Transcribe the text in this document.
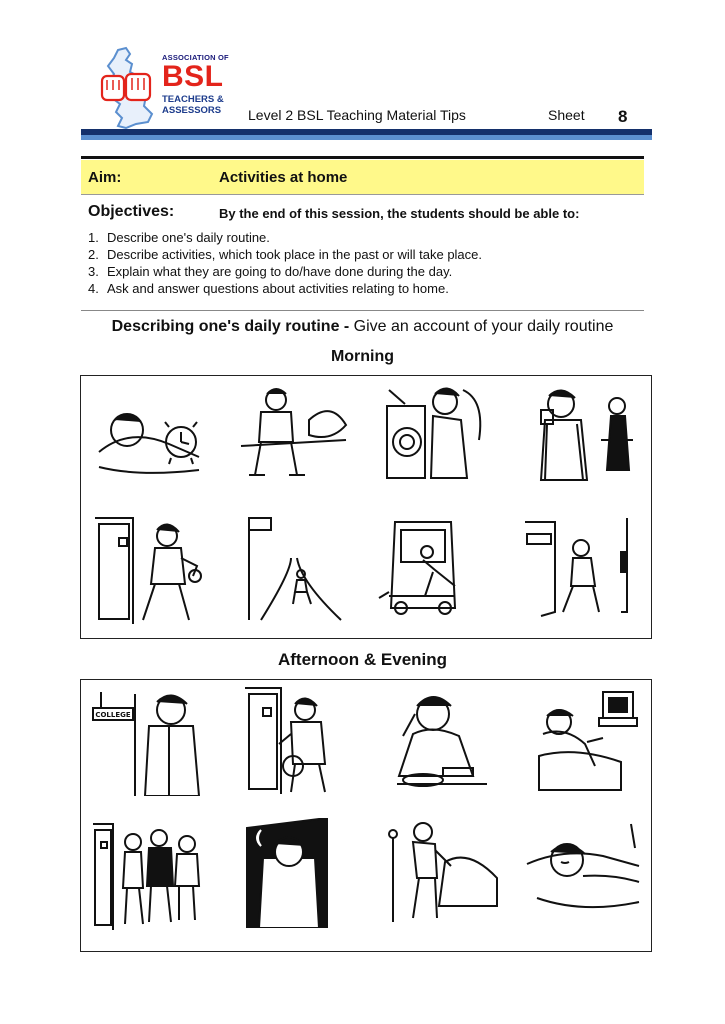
ASSOCIATION OF
BSL
TEACHERS &
ASSESSORS Level 2 BSL Teaching Material Tips	Sheet 8
Aim:	Activities at home
Objectives:	By the end of this session, the students should be able to:
1. Describe one's daily routine.
2. Describe activities, which took place in the past or will take place.
3. Explain what they are going to do/have done during the day.
4. Ask and answer questions about activities relating to home.
Describing one's daily routine - Give an account of your daily routine
Morning
Afternoon & Evening
COLLEGE
